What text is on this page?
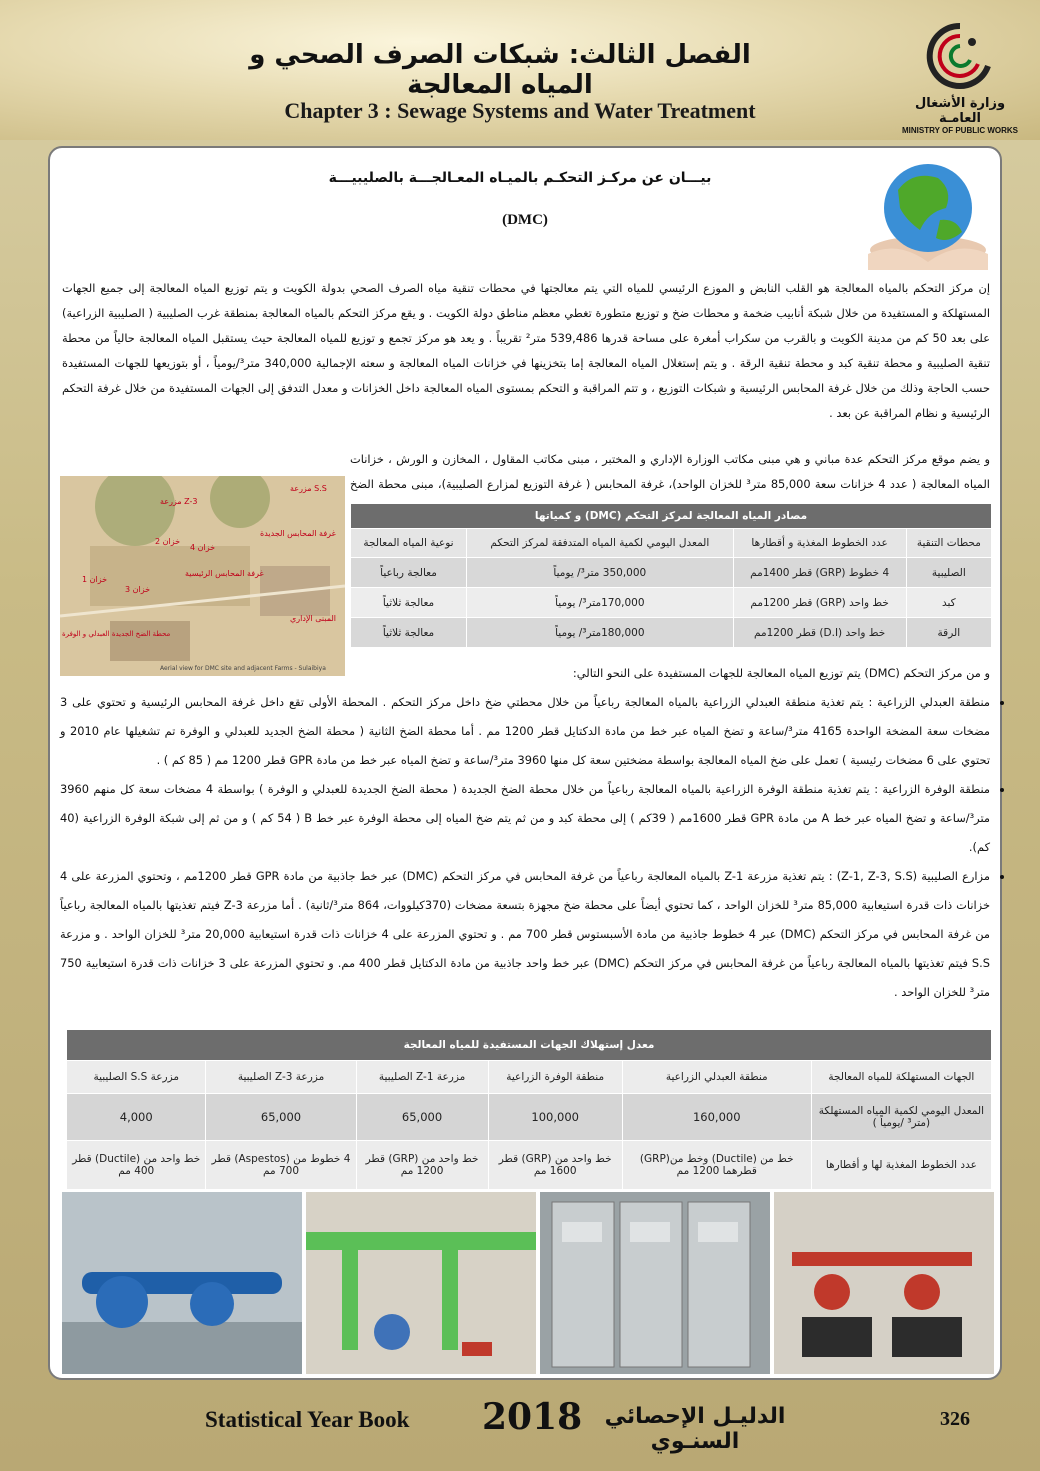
الفصل الثالث: شبكات الصرف الصحي و المياه المعالجة
Chapter 3 : Sewage Systems and Water Treatment	وزارة الأشغال العامـة
MINISTRY OF PUBLIC WORKS
بيـــان عن مركـز التحكـم بالميـاه المعـالجـــة بالصليبيـــة
(DMC)
إن مركز التحكم بالمياه المعالجة هو القلب النابض و الموزع الرئيسي للمياه التي يتم معالجتها في محطات تنقية مياه الصرف الصحي بدولة الكويت و يتم توزيع المياه المعالجة إلى جميع الجهات المستهلكة و المستفيدة من خلال شبكة أنابيب ضخمة و محطات ضخ و توزيع متطورة تغطي معظم مناطق دولة الكويت . و يقع مركز التحكم بالمياه المعالجة بمنطقة غرب الصليبية ( الصليبية الزراعية) على بعد 50 كم من مدينة الكويت و بالقرب من سكراب أمغرة على مساحة قدرها 539,486 متر² تقريباً . و يعد هو مركز تجمع و توزيع للمياه المعالجة حيث يستقبل المياه المعالجة حالياً من محطة تنقية الصليبية و محطة تنقية كبد و محطة تنقية الرقة . و يتم إستغلال المياه المعالجة إما بتخزينها في خزانات المياه المعالجة و سعته الإجمالية 340,000 متر³/يومياً ، أو بتوزيعها للجهات المستفيدة حسب الحاجة وذلك من خلال غرفة المحابس الرئيسية و شبكات التوزيع ، و تتم المراقبة و التحكم بمستوى المياه المعالجة داخل الخزانات و معدل التدفق إلى الجهات المستفيدة من خلال غرفة التحكم الرئيسية و نظام المراقبة عن بعد .
و يضم موقع مركز التحكم عدة مباني و هي مبنى مكاتب الوزارة الإداري و المختبر ، مبنى مكاتب المقاول ، المخازن و الورش ، خزانات المياه المعالجة ( عدد 4 خزانات سعة 85,000 متر³ للخزان الواحد)، غرفة المحابس ( غرفة التوزيع لمزارع الصليبية)، مبنى محطة الضخ
مزرعة Z-3
مزرعة S.S
غرفة المحابس الجديدة
خزان 2
خزان 4
غرفة المحابس الرئيسية
خزان 1
خزان 3
المبنى الإداري
محطة الضخ الجديدة العبدلي و الوفرة
Aerial view for DMC site and adjacent Farms - Sulaibiya
مصادر المياه المعالجة لمركز التحكم (DMC) و كمياتها			
محطات التنقية	عدد الخطوط المغذية و أقطارها	المعدل اليومي لكمية المياه المتدفقة لمركز التحكم	نوعية المياه المعالجة
الصليبية	4 خطوط (GRP) قطر 1400مم	350,000 متر³/ يومياً	معالجة رباعياً
كبد	خط واحد (GRP) قطر 1200مم	170,000متر³/ يومياً	معالجة ثلاثياً
الرقة	خط واحد (D.I) قطر 1200مم	180,000متر³/ يومياً	معالجة ثلاثياً
و من مركز التحكم (DMC) يتم توزيع المياه المعالجة للجهات المستفيدة على النحو التالي:
• منطقة العبدلي الزراعية : يتم تغذية منطقة العبدلي الزراعية بالمياه المعالجة رباعياً من خلال محطتي ضخ داخل مركز التحكم . المحطة الأولى تقع داخل غرفة المحابس الرئيسية و تحتوي على 3 مضخات سعة المضخة الواحدة 4165 متر³/ساعة و تضخ المياه عبر خط من مادة الدكتايل قطر 1200 مم . أما محطة الضخ الثانية ( محطة الضخ الجديد للعبدلي و الوفرة تم تشغيلها عام 2010 و تحتوي على 6 مضخات رئيسية ) تعمل على ضخ المياه المعالجة بواسطة مضختين سعة كل منها 3960 متر³/ساعة و تضخ المياه عبر خط من مادة GPR قطر 1200 مم ( 85 كم ) .
• منطقة الوفرة الزراعية : يتم تغذية منطقة الوفرة الزراعية بالمياه المعالجة رباعياً من خلال محطة الضخ الجديدة ( محطة الضخ الجديدة للعبدلي و الوفرة ) بواسطة 4 مضخات سعة كل منهم 3960 متر³/ساعة و تضخ المياه عبر خط A من مادة GPR قطر 1600مم ( 39كم ) إلى محطة كبد و من ثم يتم ضخ المياه إلى محطة الوفرة عبر خط B ( 54 كم ) و من ثم إلى شبكة الوفرة الزراعية (40 كم).
• مزارع الصليبية (Z-1, Z-3, S.S) : يتم تغذية مزرعة Z-1 بالمياه المعالجة رباعياً من غرفة المحابس في مركز التحكم (DMC) عبر خط جاذبية من مادة GPR قطر 1200مم ، وتحتوي المزرعة على 4 خزانات ذات قدرة استيعابية 85,000 متر³ للخزان الواحد ، كما تحتوي أيضاً على محطة ضخ مجهزة بتسعة مضخات (370كيلووات، 864 متر³/ثانية) . أما مزرعة Z-3 فيتم تغذيتها بالمياه المعالجة رباعياً من غرفة المحابس في مركز التحكم (DMC) عبر 4 خطوط جاذبية من مادة الأسبستوس قطر 700 مم . و تحتوي المزرعة على 4 خزانات ذات قدرة استيعابية 20,000 متر³ للخزان الواحد . و مزرعة S.S فيتم تغذيتها بالمياه المعالجة رباعياً من غرفة المحابس في مركز التحكم (DMC) عبر خط واحد جاذبية من مادة الدكتايل قطر 400 مم. و تحتوي المزرعة على 3 خزانات ذات قدرة استيعابية 750 متر³ للخزان الواحد .
معدل إستهلاك الجهات المستفيدة للمياه المعالجة					
الجهات المستهلكة للمياه المعالجة	منطقة العبدلي الزراعية	منطقة الوفرة الزراعية	مزرعة Z-1 الصليبية	مزرعة Z-3 الصليبية	مزرعة S.S الصليبية
المعدل اليومي لكمية المياه المستهلكة (متر³ /يومياً )	160,000	100,000	65,000	65,000	4,000
عدد الخطوط المغذية لها و أقطارها	خط من (Ductile) وخط من(GRP) قطرهما 1200 مم	خط واحد من (GRP) قطر 1600 مم	خط واحد من (GRP) قطر 1200 مم	4 خطوط من (Aspestos) قطر 700 مم	خط واحد من (Ductile) قطر 400 مم
Statistical Year Book	2018	الدليـل الإحصائي السنـوي
326
